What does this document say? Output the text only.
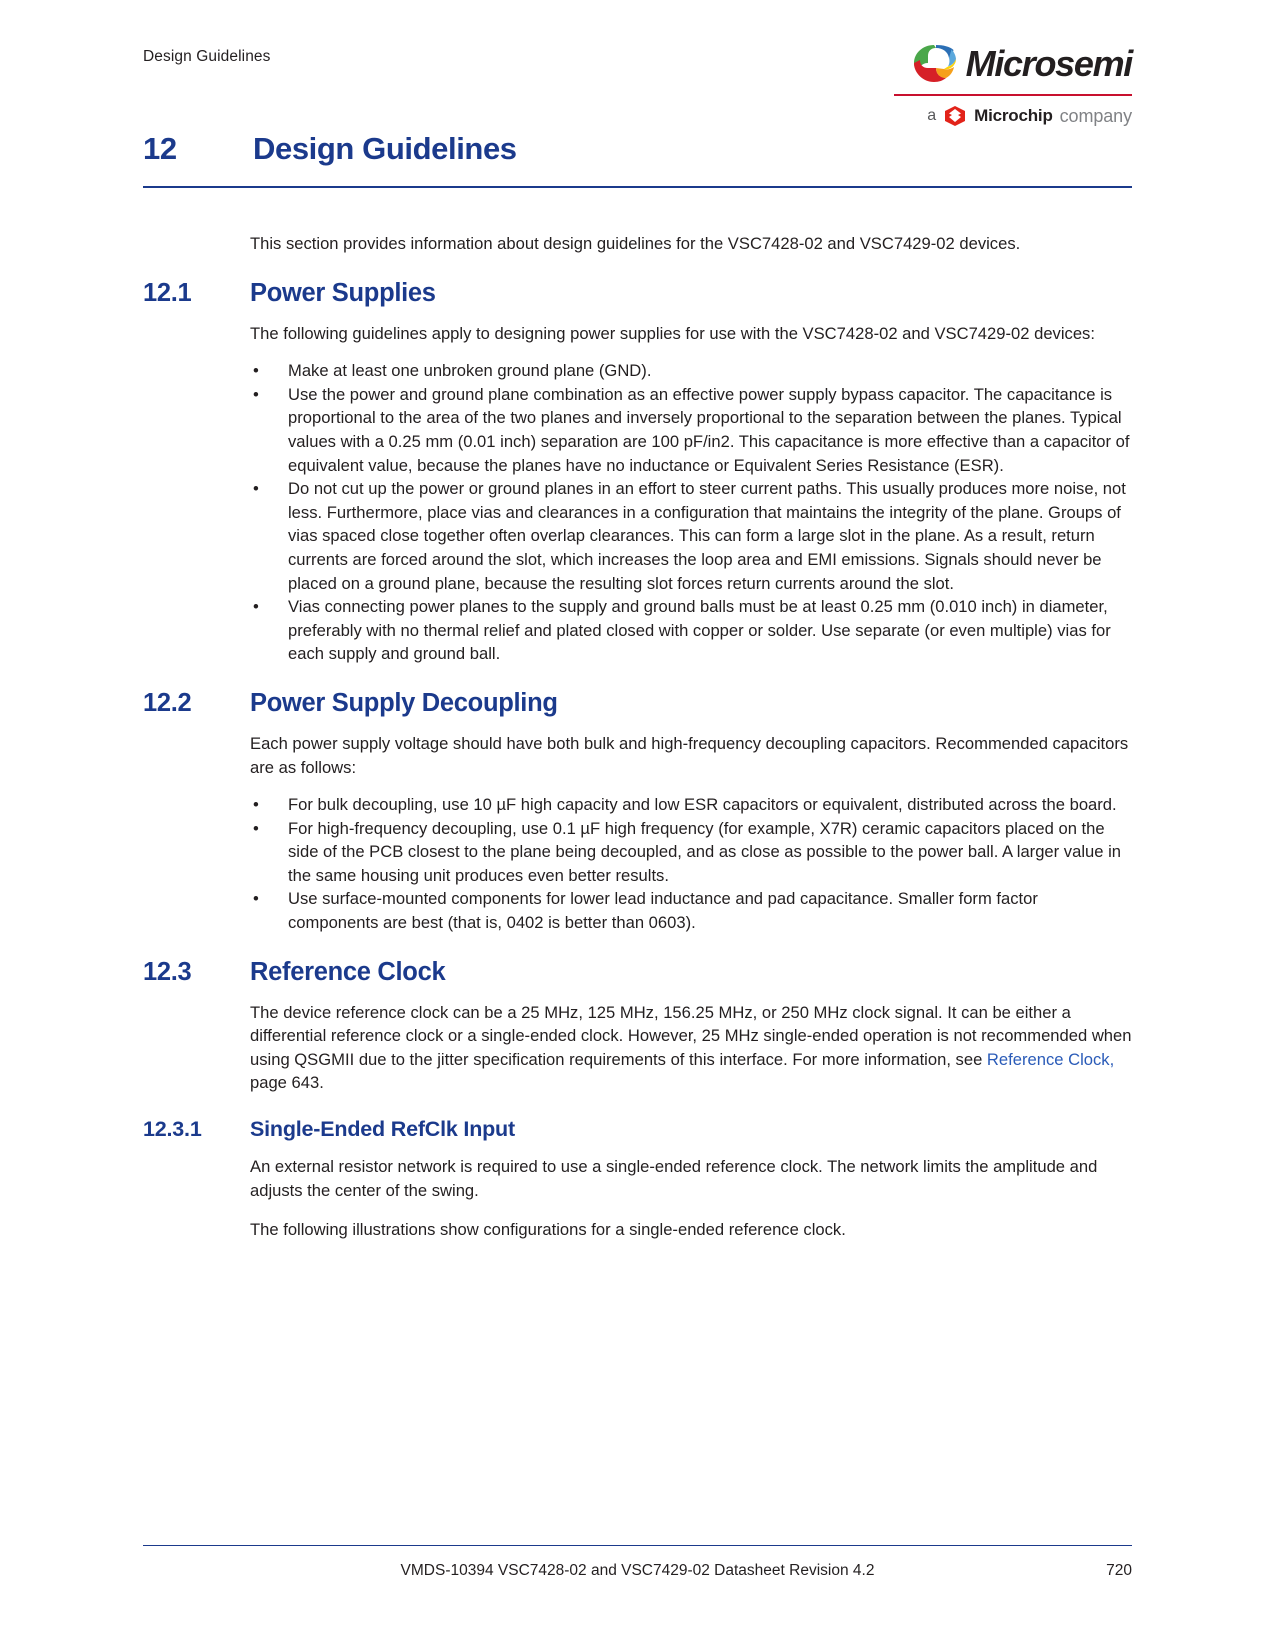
Design Guidelines	Microsemi
a Microchip company
12	Design Guidelines

This section provides information about design guidelines for the VSC7428-02 and VSC7429-02 devices.

12.1	Power Supplies

The following guidelines apply to designing power supplies for use with the VSC7428-02 and VSC7429-02 devices:

• Make at least one unbroken ground plane (GND).
• Use the power and ground plane combination as an effective power supply bypass capacitor. The capacitance is proportional to the area of the two planes and inversely proportional to the separation between the planes. Typical values with a 0.25 mm (0.01 inch) separation are 100 pF/in2. This capacitance is more effective than a capacitor of equivalent value, because the planes have no inductance or Equivalent Series Resistance (ESR).
• Do not cut up the power or ground planes in an effort to steer current paths. This usually produces more noise, not less. Furthermore, place vias and clearances in a configuration that maintains the integrity of the plane. Groups of vias spaced close together often overlap clearances. This can form a large slot in the plane. As a result, return currents are forced around the slot, which increases the loop area and EMI emissions. Signals should never be placed on a ground plane, because the resulting slot forces return currents around the slot.
• Vias connecting power planes to the supply and ground balls must be at least 0.25 mm (0.010 inch) in diameter, preferably with no thermal relief and plated closed with copper or solder. Use separate (or even multiple) vias for each supply and ground ball.
12.2	Power Supply Decoupling

Each power supply voltage should have both bulk and high-frequency decoupling capacitors. Recommended capacitors are as follows:

• For bulk decoupling, use 10 µF high capacity and low ESR capacitors or equivalent, distributed across the board.
• For high-frequency decoupling, use 0.1 µF high frequency (for example, X7R) ceramic capacitors placed on the side of the PCB closest to the plane being decoupled, and as close as possible to the power ball. A larger value in the same housing unit produces even better results.
• Use surface-mounted components for lower lead inductance and pad capacitance. Smaller form factor components are best (that is, 0402 is better than 0603).
12.3	Reference Clock

The device reference clock can be a 25 MHz, 125 MHz, 156.25 MHz, or 250 MHz clock signal. It can be either a differential reference clock or a single-ended clock. However, 25 MHz single-ended operation is not recommended when using QSGMII due to the jitter specification requirements of this interface. For more information, see Reference Clock, page 643.

12.3.1	Single-Ended RefClk Input

An external resistor network is required to use a single-ended reference clock. The network limits the amplitude and adjusts the center of the swing.

The following illustrations show configurations for a single-ended reference clock.

VMDS-10394 VSC7428-02 and VSC7429-02 Datasheet Revision 4.2	720
